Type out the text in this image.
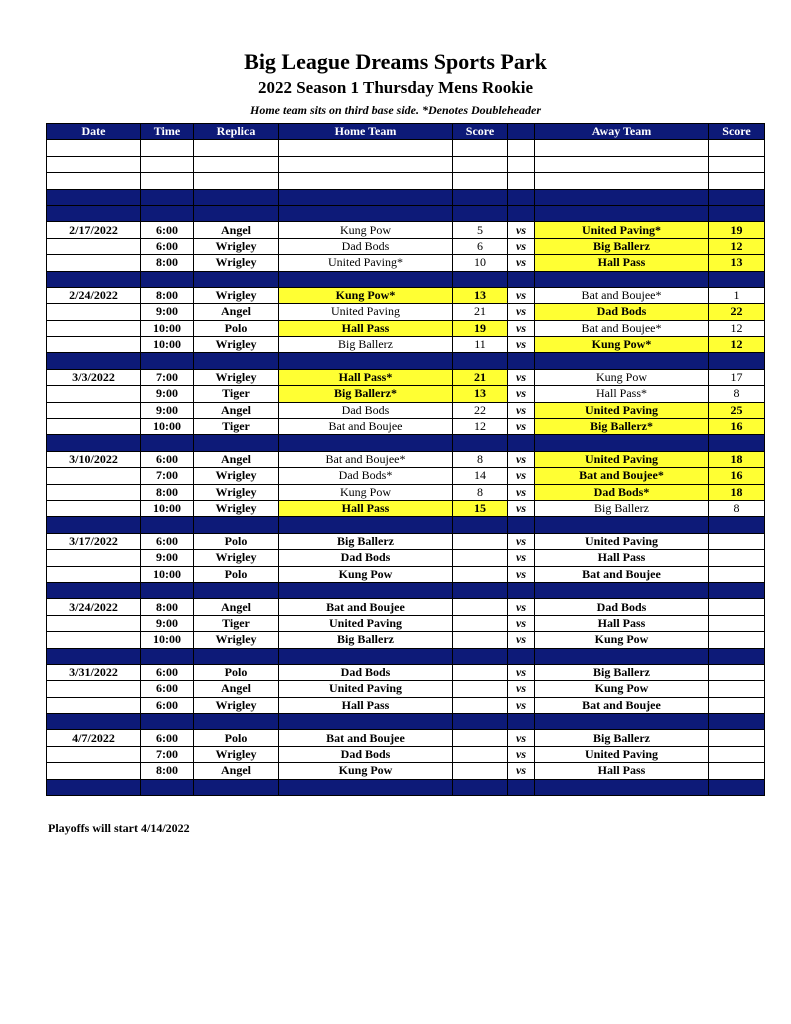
Big League Dreams Sports Park
2022 Season 1 Thursday Mens Rookie
Home team sits on third base side. *Denotes Doubleheader
Date	Time	Replica	Home Team	Score		Away Team	Score

2/17/2022	6:00	Angel	Kung Pow	5	vs	United Paving*	19
	6:00	Wrigley	Dad Bods	6	vs	Big Ballerz	12
	8:00	Wrigley	United Paving*	10	vs	Hall Pass	13

2/24/2022	8:00	Wrigley	Kung Pow*	13	vs	Bat and Boujee*	1
	9:00	Angel	United Paving	21	vs	Dad Bods	22
	10:00	Polo	Hall Pass	19	vs	Bat and Boujee*	12
	10:00	Wrigley	Big Ballerz	11	vs	Kung Pow*	12

3/3/2022	7:00	Wrigley	Hall Pass*	21	vs	Kung Pow	17
	9:00	Tiger	Big Ballerz*	13	vs	Hall Pass*	8
	9:00	Angel	Dad Bods	22	vs	United Paving	25
	10:00	Tiger	Bat and Boujee	12	vs	Big Ballerz*	16

3/10/2022	6:00	Angel	Bat and Boujee*	8	vs	United Paving	18
	7:00	Wrigley	Dad Bods*	14	vs	Bat and Boujee*	16
	8:00	Wrigley	Kung Pow	8	vs	Dad Bods*	18
	10:00	Wrigley	Hall Pass	15	vs	Big Ballerz	8

3/17/2022	6:00	Polo	Big Ballerz		vs	United Paving	
	9:00	Wrigley	Dad Bods		vs	Hall Pass	
	10:00	Polo	Kung Pow		vs	Bat and Boujee	

3/24/2022	8:00	Angel	Bat and Boujee		vs	Dad Bods	
	9:00	Tiger	United Paving		vs	Hall Pass	
	10:00	Wrigley	Big Ballerz		vs	Kung Pow	

3/31/2022	6:00	Polo	Dad Bods		vs	Big Ballerz	
	6:00	Angel	United Paving		vs	Kung Pow	
	6:00	Wrigley	Hall Pass		vs	Bat and Boujee	

4/7/2022	6:00	Polo	Bat and Boujee		vs	Big Ballerz	
	7:00	Wrigley	Dad Bods		vs	United Paving	
	8:00	Angel	Kung Pow		vs	Hall Pass	

Playoffs will start 4/14/2022
